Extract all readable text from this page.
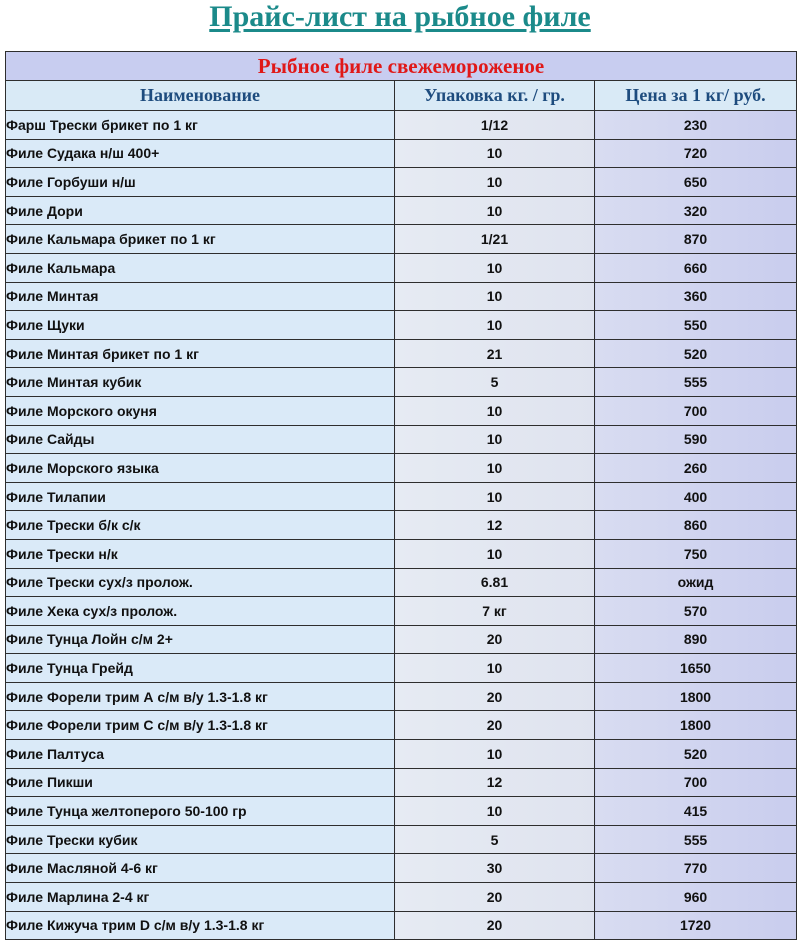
Прайс-лист на рыбное филе
Рыбное филе свежемороженое		
Наименование	Упаковка кг. / гр.	Цена за 1 кг/ руб.
Фарш Трески брикет по 1 кг	1/12	230
Филе Судака н/ш 400+	10	720
Филе Горбуши н/ш	10	650
Филе Дори	10	320
Филе Кальмара брикет по 1 кг	1/21	870
Филе Кальмара	10	660
Филе Минтая	10	360
Филе Щуки	10	550
Филе Минтая брикет по 1 кг	21	520
Филе Минтая кубик	5	555
Филе Морского окуня	10	700
Филе Сайды	10	590
Филе Морского языка	10	260
Филе Тилапии	10	400
Филе Трески б/к с/к	12	860
Филе Трески н/к	10	750
Филе Трески сух/з пролож.	6.81	ожид
Филе Хека сух/з пролож.	7 кг	570
Филе Тунца Лойн с/м 2+	20	890
Филе Тунца Грейд	10	1650
Филе Форели трим А с/м в/у 1.3-1.8 кг	20	1800
Филе Форели трим С с/м в/у 1.3-1.8 кг	20	1800
Филе Палтуса	10	520
Филе Пикши	12	700
Филе Тунца желтоперого 50-100 гр	10	415
Филе Трески кубик	5	555
Филе Масляной 4-6 кг	30	770
Филе Марлина 2-4 кг	20	960
Филе Кижуча трим D с/м в/у 1.3-1.8 кг	20	1720
